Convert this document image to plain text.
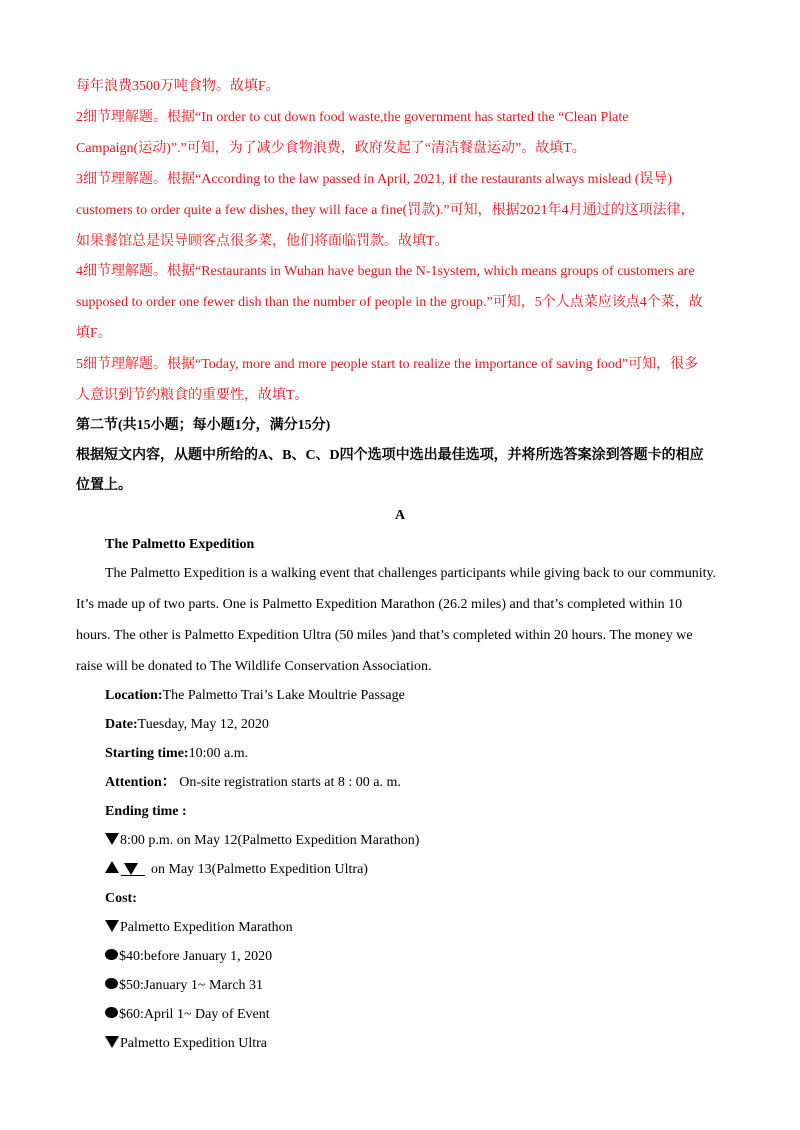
每年浪费3500万吨食物。故填F。
2细节理解题。根据“In order to cut down food waste,the government has started the “Clean Plate
Campaign(运动)”.”可知，为了减少食物浪费，政府发起了“清洁餐盘运动”。故填T。
3细节理解题。根据“According to the law passed in April, 2021, if the restaurants always mislead (误导)
customers to order quite a few dishes, they will face a fine(罚款).”可知，根据2021年4月通过的这项法律，
如果餐馆总是误导顾客点很多菜，他们将面临罚款。故填T。
4细节理解题。根据“Restaurants in Wuhan have begun the N-1system, which means groups of customers are
supposed to order one fewer dish than the number of people in the group.”可知，5个人点菜应该点4个菜，故
填F。
5细节理解题。根据“Today, more and more people start to realize the importance of saving food”可知，很多
人意识到节约粮食的重要性，故填T。
第二节(共15小题；每小题1分，满分15分)
根据短文内容，从题中所给的A、B、C、D四个选项中选出最佳选项，并将所选答案涂到答题卡的相应
位置上。
A
The Palmetto Expedition
The Palmetto Expedition is a walking event that challenges participants while giving back to our community.
It’s made up of two parts. One is Palmetto Expedition Marathon (26.2 miles) and that’s completed within 10
hours. The other is Palmetto Expedition Ultra (50 miles )and that’s completed within 20 hours. The money we
raise will be donated to The Wildlife Conservation Association.
Location:The Palmetto Trai’s Lake Moultrie Passage
Date:Tuesday, May 12, 2020
Starting time:10:00 a.m.
Attention： On-site registration starts at 8 : 00 a. m.
Ending time :
8:00 p.m. on May 12(Palmetto Expedition Marathon)
on May 13(Palmetto Expedition Ultra)
Cost:
Palmetto Expedition Marathon
$40:before January 1, 2020
$50:January 1~ March 31
$60:April 1~ Day of Event
Palmetto Expedition Ultra
